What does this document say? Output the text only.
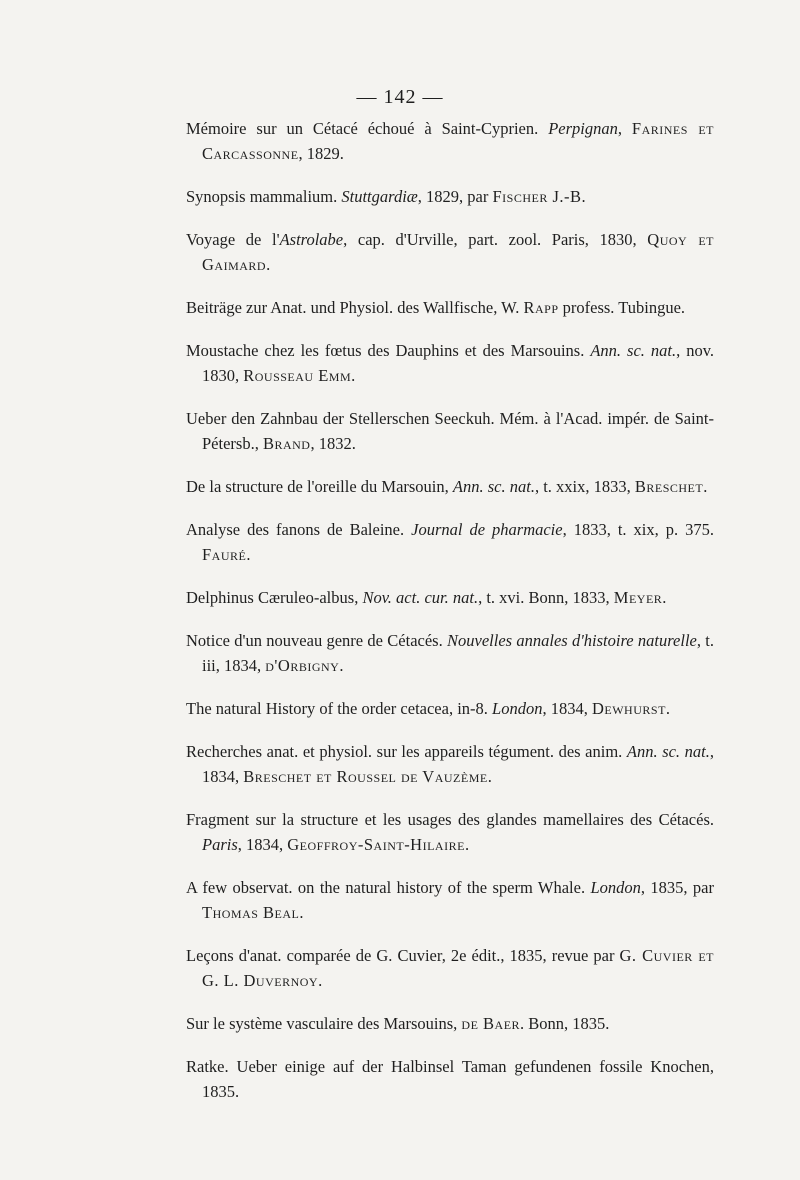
— 142 —

Mémoire sur un Cétacé échoué à Saint-Cyprien. Perpignan, Farines et Carcassonne, 1829.

Synopsis mammalium. Stuttgardiæ, 1829, par Fischer J.-B.

Voyage de l'Astrolabe, cap. d'Urville, part. zool. Paris, 1830, Quoy et Gaimard.

Beiträge zur Anat. und Physiol. des Wallfische, W. Rapp profess. Tubingue.

Moustache chez les fœtus des Dauphins et des Marsouins. Ann. sc. nat., nov. 1830, Rousseau Emm.

Ueber den Zahnbau der Stellerschen Seeckuh. Mém. à l'Acad. impér. de Saint-Pétersb., Brand, 1832.

De la structure de l'oreille du Marsouin, Ann. sc. nat., t. xxix, 1833, Breschet.

Analyse des fanons de Baleine. Journal de pharmacie, 1833, t. xix, p. 375. Fauré.

Delphinus Cæruleo-albus, Nov. act. cur. nat., t. xvi. Bonn, 1833, Meyer.

Notice d'un nouveau genre de Cétacés. Nouvelles annales d'histoire naturelle, t. iii, 1834, d'Orbigny.

The natural History of the order cetacea, in-8. London, 1834, Dewhurst.

Recherches anat. et physiol. sur les appareils tégument. des anim. Ann. sc. nat., 1834, Breschet et Roussel de Vauzème.

Fragment sur la structure et les usages des glandes mamellaires des Cétacés. Paris, 1834, Geoffroy-Saint-Hilaire.

A few observat. on the natural history of the sperm Whale. London, 1835, par Thomas Beal.

Leçons d'anat. comparée de G. Cuvier, 2e édit., 1835, revue par G. Cuvier et G. L. Duvernoy.

Sur le système vasculaire des Marsouins, de Baer. Bonn, 1835.

Ratke. Ueber einige auf der Halbinsel Taman gefundenen fossile Knochen, 1835.
